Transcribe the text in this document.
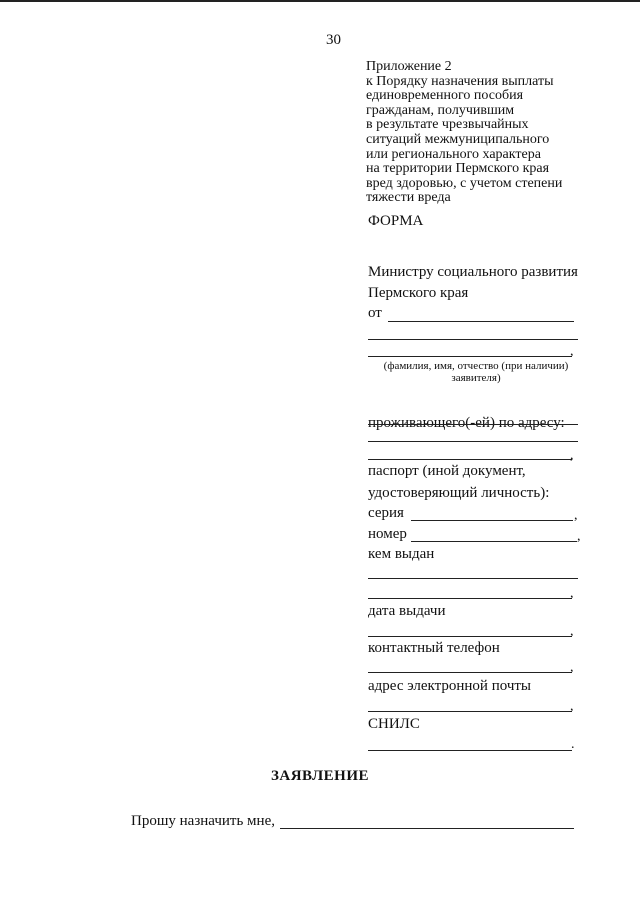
30
Приложение 2
к Порядку назначения выплаты
единовременного пособия
гражданам, получившим
в результате чрезвычайных
ситуаций межмуниципального
или регионального характера
на территории Пермского края
вред здоровью, с учетом степени
тяжести вреда
ФОРМА
Министру социального развития
Пермского края
от
,
(фамилия, имя, отчество (при наличии) заявителя)
проживающего(-ей) по адресу:
,
паспорт (иной документ,
удостоверяющий личность):
серия	,
номер	,
кем выдан
,
дата выдачи
,
контактный телефон
,
адрес электронной почты
,
СНИЛС
.
ЗАЯВЛЕНИЕ
Прошу назначить мне,
